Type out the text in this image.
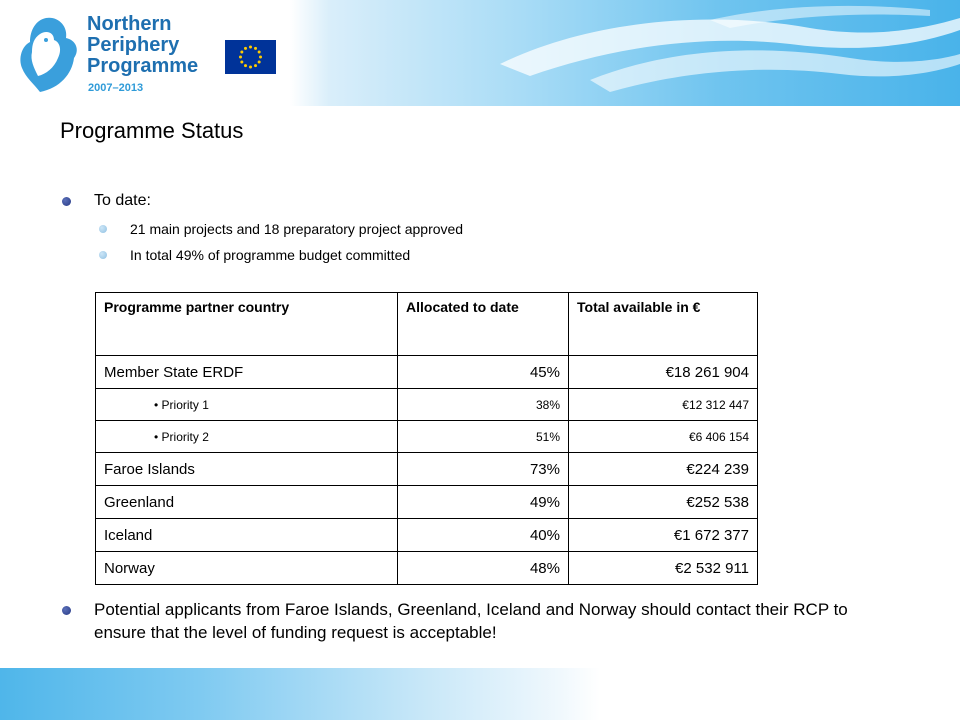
Northern
Periphery
Programme
2007–2013
Programme Status
To date:
21 main projects and 18 preparatory project approved
In total 49% of programme budget committed
Programme partner country	Allocated to date	Total available in €
Member State ERDF	45%	€18 261 904
• Priority 1	38%	€12 312 447
• Priority 2	51%	€6 406 154
Faroe Islands	73%	€224 239
Greenland	49%	€252 538
Iceland	40%	€1 672 377
Norway	48%	€2 532 911

Potential applicants from Faroe Islands, Greenland, Iceland and Norway should contact their RCP to ensure that the level of funding request is acceptable!
